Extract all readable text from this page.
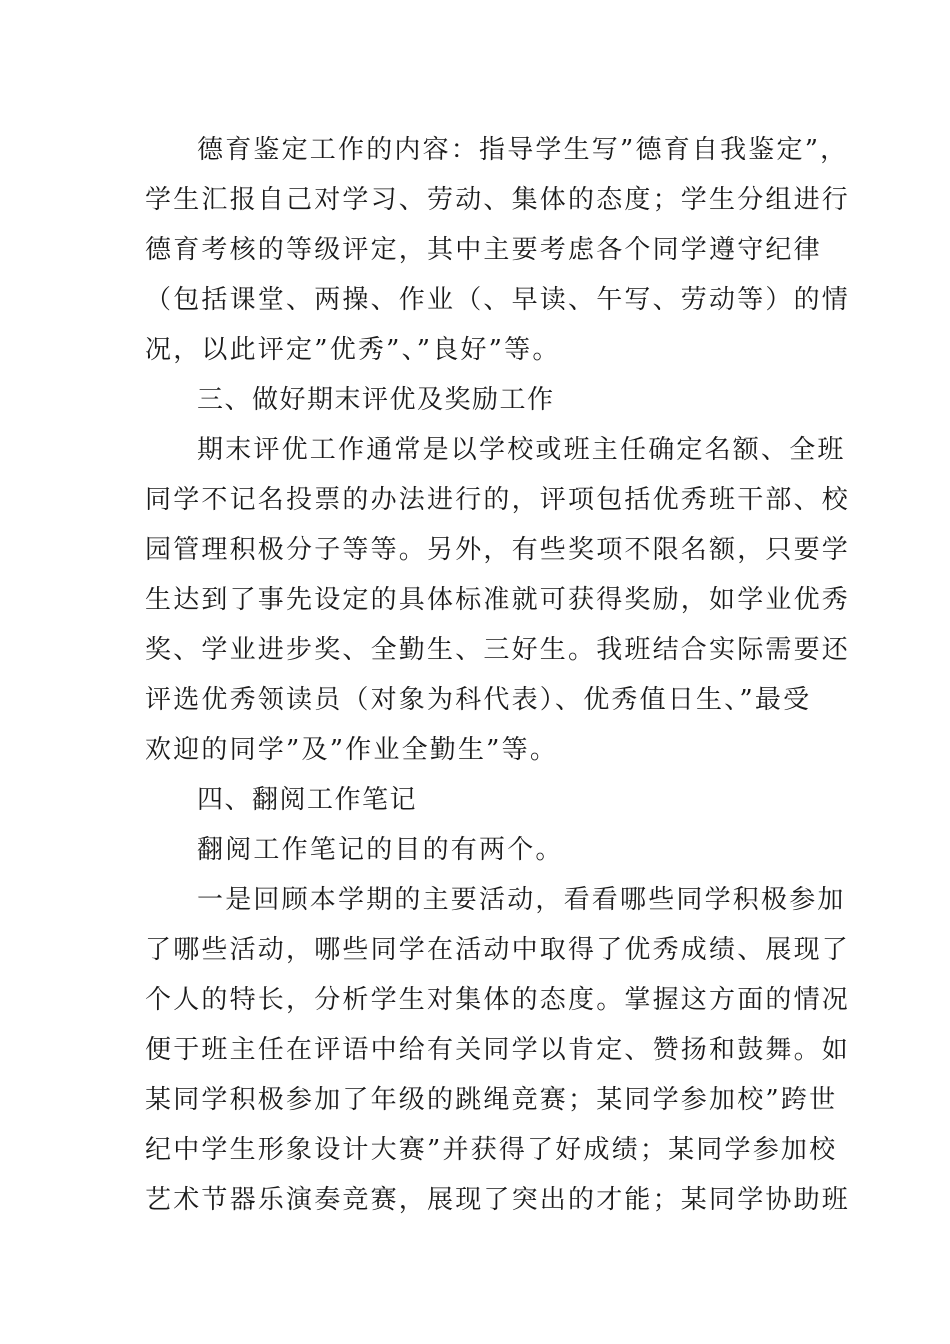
德育鉴定工作的内容：指导学生写”德育自我鉴定”，
学生汇报自己对学习、劳动、集体的态度；学生分组进行
德育考核的等级评定，其中主要考虑各个同学遵守纪律
（包括课堂、两操、作业（、早读、午写、劳动等）的情
况，以此评定”优秀”、”良好”等。
三、做好期末评优及奖励工作
期末评优工作通常是以学校或班主任确定名额、全班
同学不记名投票的办法进行的，评项包括优秀班干部、校
园管理积极分子等等。另外，有些奖项不限名额，只要学
生达到了事先设定的具体标准就可获得奖励，如学业优秀
奖、学业进步奖、全勤生、三好生。我班结合实际需要还
评选优秀领读员（对象为科代表）、优秀值日生、”最受
欢迎的同学”及”作业全勤生”等。
四、翻阅工作笔记
翻阅工作笔记的目的有两个。
一是回顾本学期的主要活动，看看哪些同学积极参加
了哪些活动，哪些同学在活动中取得了优秀成绩、展现了
个人的特长，分析学生对集体的态度。掌握这方面的情况
便于班主任在评语中给有关同学以肯定、赞扬和鼓舞。如
某同学积极参加了年级的跳绳竞赛；某同学参加校”跨世
纪中学生形象设计大赛”并获得了好成绩；某同学参加校
艺术节器乐演奏竞赛，展现了突出的才能；某同学协助班
